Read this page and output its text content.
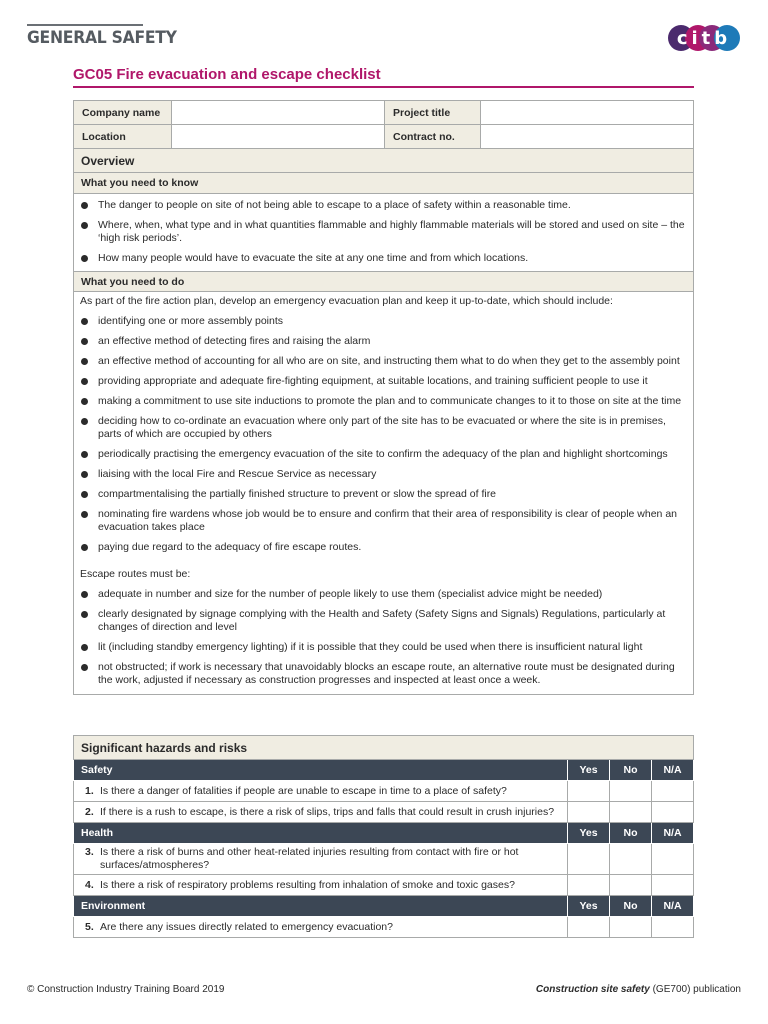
GENERAL SAFETY	citb
GC05 Fire evacuation and escape checklist
Company name		Project title	
Location		Contract no.	
Overview
What you need to know
The danger to people on site of not being able to escape to a place of safety within a reasonable time.
Where, when, what type and in what quantities flammable and highly flammable materials will be stored and used on site – the ‘high risk periods’.
How many people would have to evacuate the site at any one time and from which locations.
What you need to do
As part of the fire action plan, develop an emergency evacuation plan and keep it up-to-date, which should include:
identifying one or more assembly points
an effective method of detecting fires and raising the alarm
an effective method of accounting for all who are on site, and instructing them what to do when they get to the assembly point
providing appropriate and adequate fire-fighting equipment, at suitable locations, and training sufficient people to use it
making a commitment to use site inductions to promote the plan and to communicate changes to it to those on site at the time
deciding how to co-ordinate an evacuation where only part of the site has to be evacuated or where the site is in premises, parts of which are occupied by others
periodically practising the emergency evacuation of the site to confirm the adequacy of the plan and highlight shortcomings
liaising with the local Fire and Rescue Service as necessary
compartmentalising the partially finished structure to prevent or slow the spread of fire
nominating fire wardens whose job would be to ensure and confirm that their area of responsibility is clear of people when an evacuation takes place
paying due regard to the adequacy of fire escape routes.
Escape routes must be:
adequate in number and size for the number of people likely to use them (specialist advice might be needed)
clearly designated by signage complying with the Health and Safety (Safety Signs and Signals) Regulations, particularly at changes of direction and level
lit (including standby emergency lighting) if it is possible that they could be used when there is insufficient natural light
not obstructed; if work is necessary that unavoidably blocks an escape route, an alternative route must be designated during the work, adjusted if necessary as construction progresses and inspected at least once a week.
Significant hazards and risks			
Safety	Yes	No	N/A

1. Is there a danger of fatalities if people are unable to escape in time to a place of safety?			

2. If there is a rush to escape, is there a risk of slips, trips and falls that could result in crush injuries?			
Health	Yes	No	N/A

3. Is there a risk of burns and other heat-related injuries resulting from contact with fire or hot surfaces/atmospheres?			

4. Is there a risk of respiratory problems resulting from inhalation of smoke and toxic gases?			
Environment	Yes	No	N/A

5. Are there any issues directly related to emergency evacuation?			
© Construction Industry Training Board 2019	Construction site safety (GE700) publication
